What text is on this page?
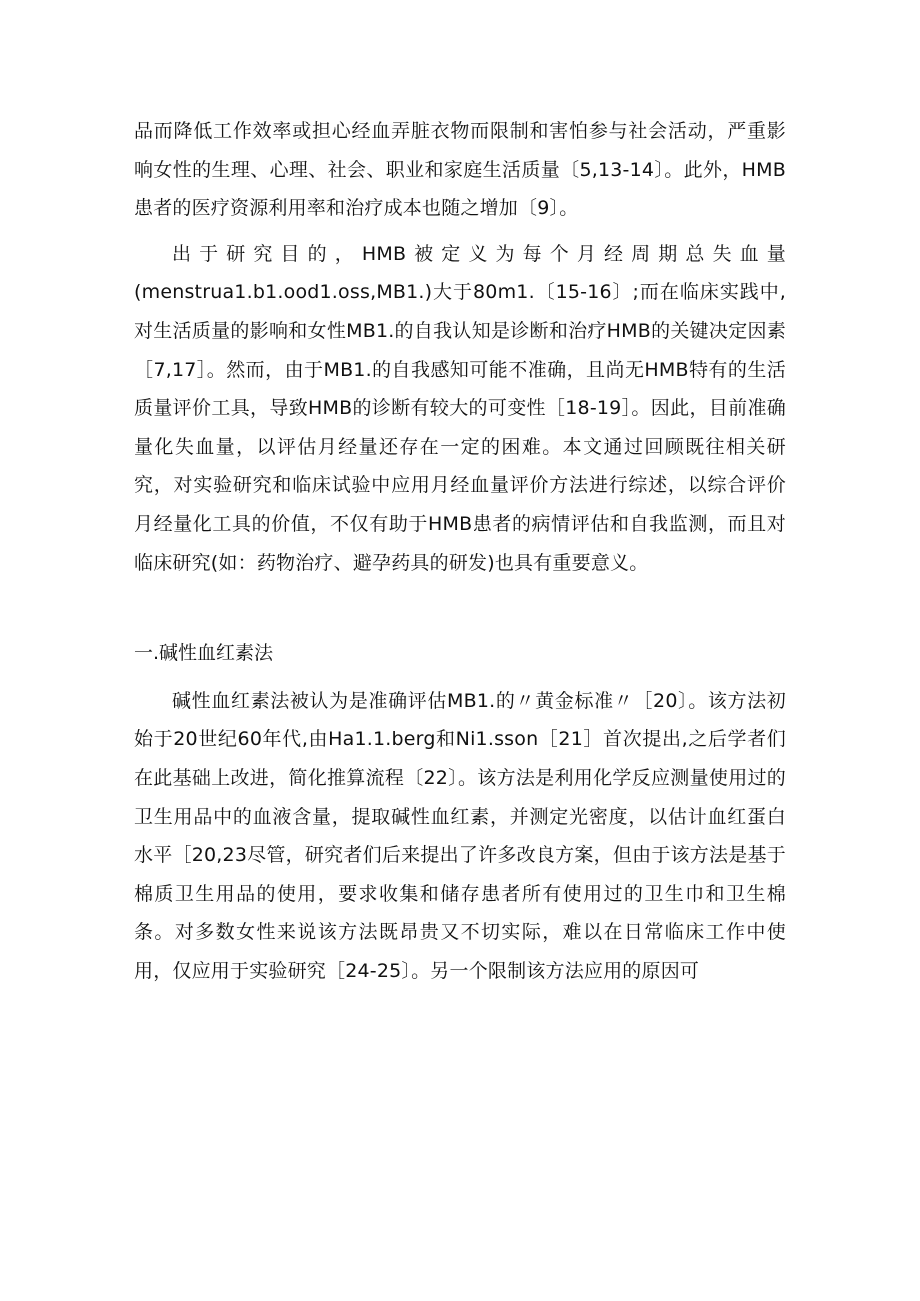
品而降低工作效率或担心经血弄脏衣物而限制和害怕参与社会活动，严重影响女性的生理、心理、社会、职业和家庭生活质量〔5,13-14〕。此外，HMB患者的医疗资源利用率和治疗成本也随之增加〔9〕。

出于研究目的，HMB被定义为每个月经周期总失血量(menstrua1.b1.ood1.oss,MB1.)大于80m1.〔15-16〕;而在临床实践中,对生活质量的影响和女性MB1.的自我认知是诊断和治疗HMB的关键决定因素［7,17］。然而，由于MB1.的自我感知可能不准确，且尚无HMB特有的生活质量评价工具，导致HMB的诊断有较大的可变性［18-19］。因此，目前准确量化失血量，以评估月经量还存在一定的困难。本文通过回顾既往相关研究，对实验研究和临床试验中应用月经血量评价方法进行综述，以综合评价月经量化工具的价值，不仅有助于HMB患者的病情评估和自我监测，而且对临床研究(如：药物治疗、避孕药具的研发)也具有重要意义。

一.碱性血红素法

碱性血红素法被认为是准确评估MB1.的〃黄金标准〃［20〕。该方法初始于20世纪60年代,由Ha1.1.berg和Ni1.sson［21］首次提出,之后学者们在此基础上改进，简化推算流程〔22〕。该方法是利用化学反应测量使用过的卫生用品中的血液含量，提取碱性血红素，并测定光密度，以估计血红蛋白水平［20,23尽管，研究者们后来提出了许多改良方案，但由于该方法是基于棉质卫生用品的使用，要求收集和储存患者所有使用过的卫生巾和卫生棉条。对多数女性来说该方法既昂贵又不切实际，难以在日常临床工作中使用，仅应用于实验研究［24-25〕。另一个限制该方法应用的原因可
